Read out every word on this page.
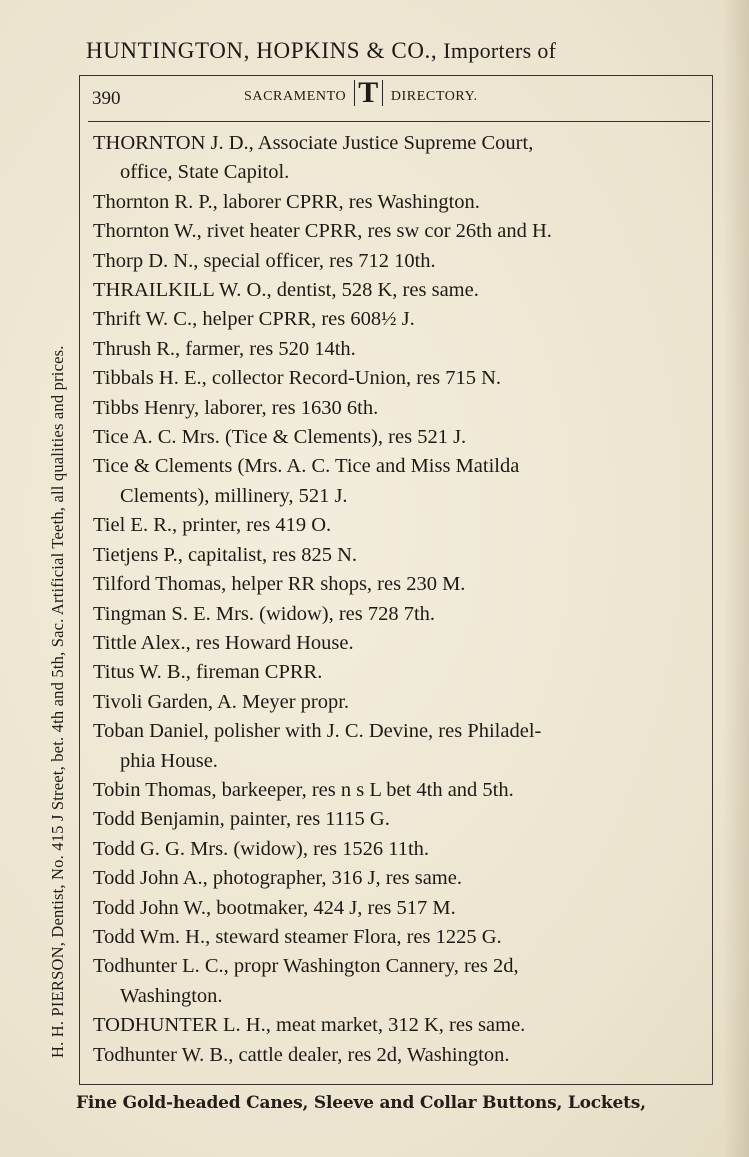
HUNTINGTON, HOPKINS & CO., Importers of
390	SACRAMENTO T DIRECTORY.
THORNTON J. D., Associate Justice Supreme Court,
office, State Capitol.
Thornton R. P., laborer CPRR, res Washington.
Thornton W., rivet heater CPRR, res sw cor 26th and H.
Thorp D. N., special officer, res 712 10th.
THRAILKILL W. O., dentist, 528 K, res same.
Thrift W. C., helper CPRR, res 608½ J.
Thrush R., farmer, res 520 14th.
Tibbals H. E., collector Record-Union, res 715 N.
Tibbs Henry, laborer, res 1630 6th.
Tice A. C. Mrs. (Tice & Clements), res 521 J.
Tice & Clements (Mrs. A. C. Tice and Miss Matilda
Clements), millinery, 521 J.
Tiel E. R., printer, res 419 O.
Tietjens P., capitalist, res 825 N.
Tilford Thomas, helper RR shops, res 230 M.
Tingman S. E. Mrs. (widow), res 728 7th.
Tittle Alex., res Howard House.
Titus W. B., fireman CPRR.
Tivoli Garden, A. Meyer propr.
Toban Daniel, polisher with J. C. Devine, res Philadel-
phia House.
Tobin Thomas, barkeeper, res n s L bet 4th and 5th.
Todd Benjamin, painter, res 1115 G.
Todd G. G. Mrs. (widow), res 1526 11th.
Todd John A., photographer, 316 J, res same.
Todd John W., bootmaker, 424 J, res 517 M.
Todd Wm. H., steward steamer Flora, res 1225 G.
Todhunter L. C., propr Washington Cannery, res 2d,
Washington.
TODHUNTER L. H., meat market, 312 K, res same.
Todhunter W. B., cattle dealer, res 2d, Washington.
H. H. PIERSON, Dentist, No. 415 J Street, bet. 4th and 5th, Sac. Artificial Teeth, all qualities and prices.
Fine Gold-headed Canes, Sleeve and Collar Buttons, Lockets,
